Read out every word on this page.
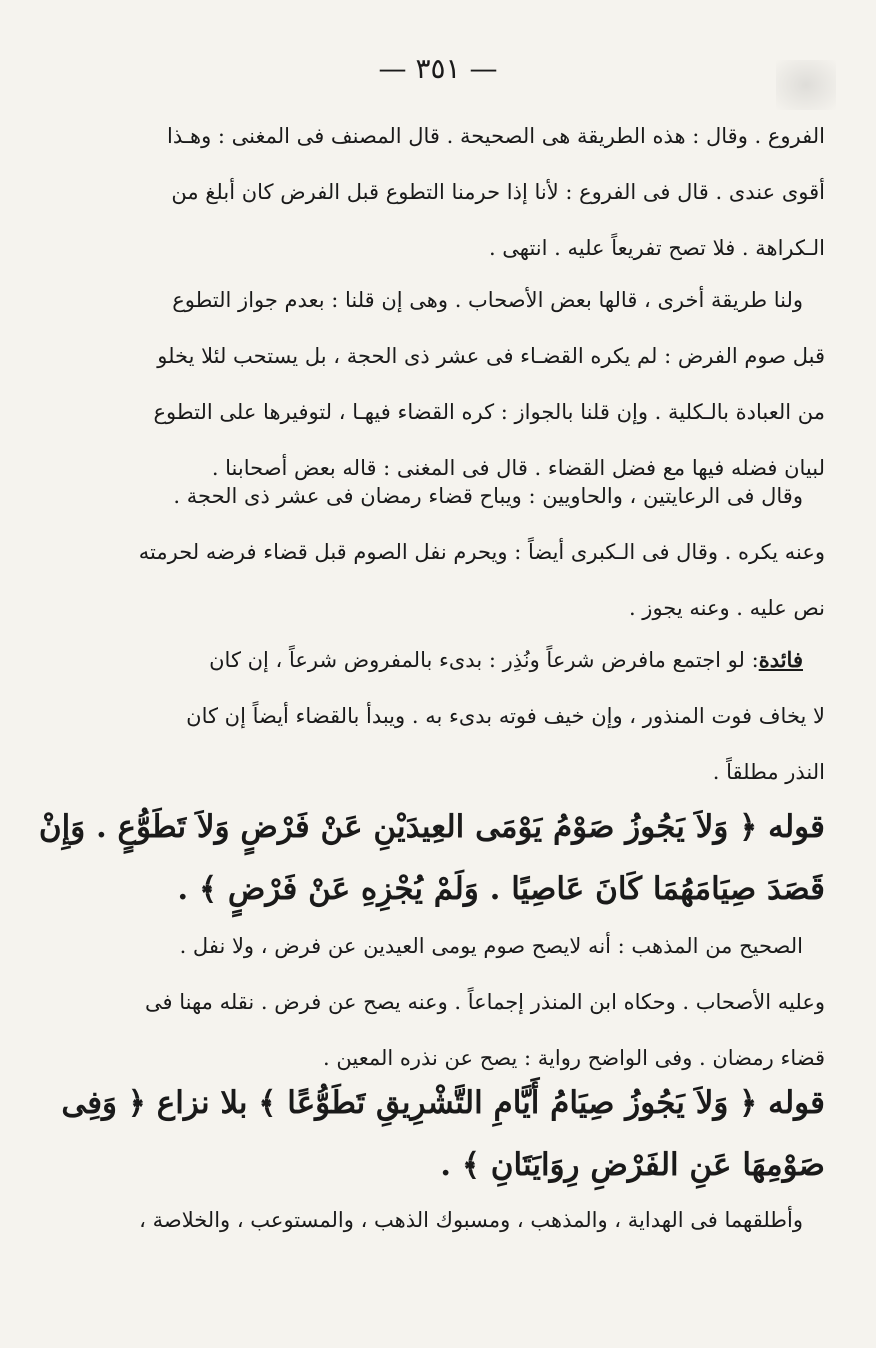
— ٣٥١ —
الفروع . وقال : هذه الطريقة هى الصحيحة . قال المصنف فى المغنى : وهـذا
أقوى عندى . قال فى الفروع : لأنا إذا حرمنا التطوع قبل الفرض كان أبلغ من
الـكراهة . فلا تصح تفريعاً عليه . انتهى .
ولنا طريقة أخرى ، قالها بعض الأصحاب . وهى إن قلنا : بعدم جواز التطوع
قبل صوم الفرض : لم يكره القضـاء فى عشر ذى الحجة ، بل يستحب لئلا يخلو
من العبادة بالـكلية . وإن قلنا بالجواز : كره القضاء فيهـا ، لتوفيرها على التطوع
لبيان فضله فيها مع فضل القضاء . قال فى المغنى : قاله بعض أصحابنا .
وقال فى الرعايتين ، والحاويين : ويباح قضاء رمضان فى عشر ذى الحجة .
وعنه يكره . وقال فى الـكبرى أيضاً : ويحرم نفل الصوم قبل قضاء فرضه لحرمته
نص عليه . وعنه يجوز .
فائدة: لو اجتمع مافرض شرعاً ونُذِر : بدىء بالمفروض شرعاً ، إن كان
لا يخاف فوت المنذور ، وإن خيف فوته بدىء به . ويبدأ بالقضاء أيضاً إن كان
النذر مطلقاً .
قوله ﴿ وَلاَ يَجُوزُ صَوْمُ يَوْمَى العِيدَيْنِ عَنْ فَرْضٍ وَلاَ تَطَوُّعٍ . وَإِنْ
قَصَدَ صِيَامَهُمَا كَانَ عَاصِيًا . وَلَمْ يُجْزِهِ عَنْ فَرْضٍ ﴾ .
الصحيح من المذهب : أنه لايصح صوم يومى العيدين عن فرض ، ولا نفل .
وعليه الأصحاب . وحكاه ابن المنذر إجماعاً . وعنه يصح عن فرض . نقله مهنا فى
قضاء رمضان . وفى الواضح رواية : يصح عن نذره المعين .
قوله ﴿ وَلاَ يَجُوزُ صِيَامُ أَيَّامِ التَّشْرِيقِ تَطَوُّعًا ﴾ بلا نزاع ﴿ وَفِى
صَوْمِهَا عَنِ الفَرْضِ رِوَايَتَانِ ﴾ .
وأطلقهما فى الهداية ، والمذهب ، ومسبوك الذهب ، والمستوعب ، والخلاصة ،
